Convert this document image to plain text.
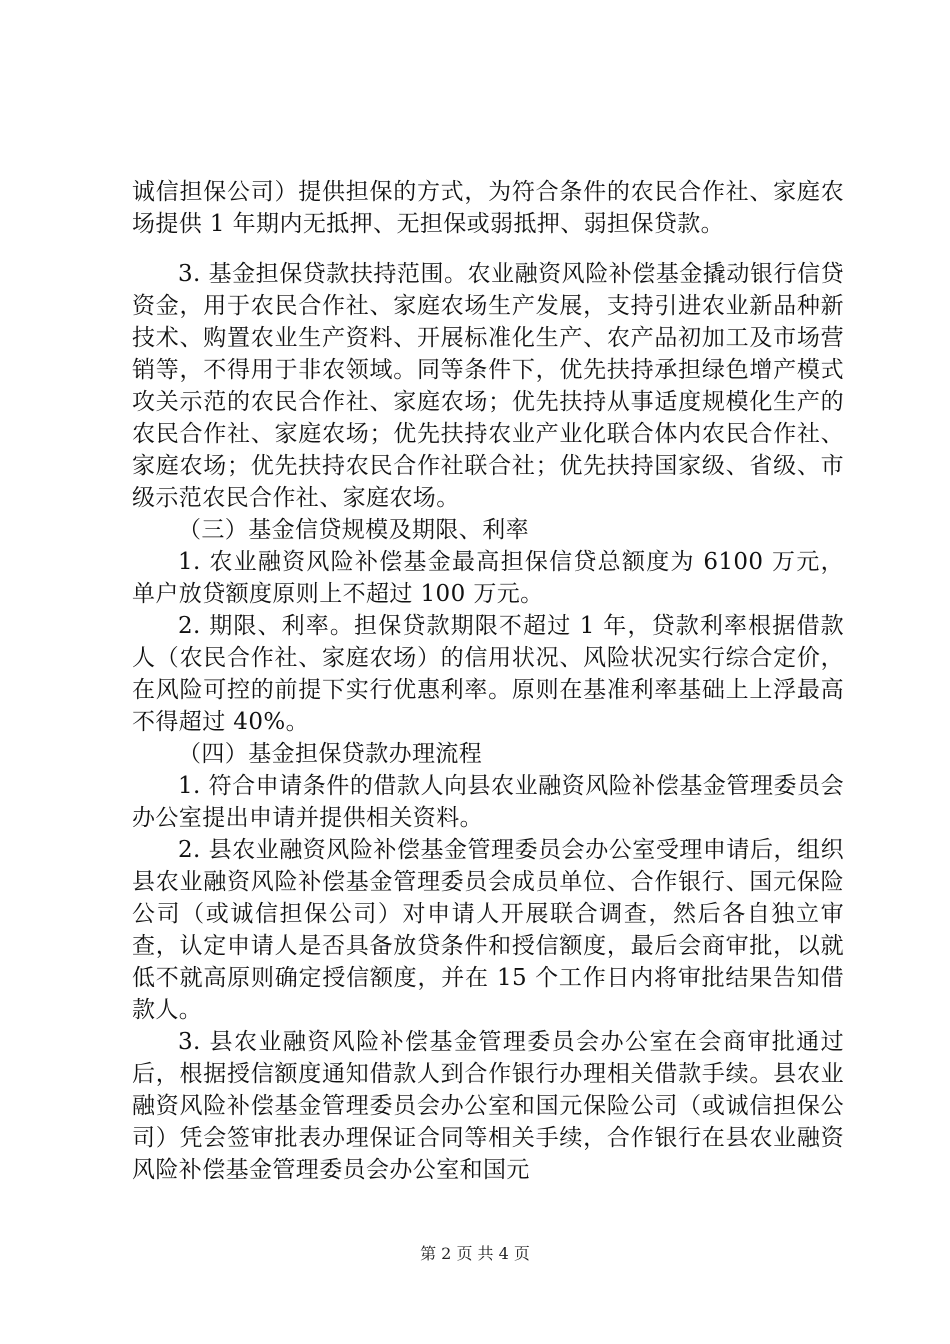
诚信担保公司）提供担保的方式，为符合条件的农民合作社、家庭农场提供 1 年期内无抵押、无担保或弱抵押、弱担保贷款。

3. 基金担保贷款扶持范围。农业融资风险补偿基金撬动银行信贷资金，用于农民合作社、家庭农场生产发展，支持引进农业新品种新技术、购置农业生产资料、开展标准化生产、农产品初加工及市场营销等，不得用于非农领域。同等条件下，优先扶持承担绿色增产模式攻关示范的农民合作社、家庭农场；优先扶持从事适度规模化生产的农民合作社、家庭农场；优先扶持农业产业化联合体内农民合作社、家庭农场；优先扶持农民合作社联合社；优先扶持国家级、省级、市级示范农民合作社、家庭农场。

（三）基金信贷规模及期限、利率

1. 农业融资风险补偿基金最高担保信贷总额度为 6100 万元，单户放贷额度原则上不超过 100 万元。

2. 期限、利率。担保贷款期限不超过 1 年，贷款利率根据借款人（农民合作社、家庭农场）的信用状况、风险状况实行综合定价，在风险可控的前提下实行优惠利率。原则在基准利率基础上上浮最高不得超过 40%。

（四）基金担保贷款办理流程

1. 符合申请条件的借款人向县农业融资风险补偿基金管理委员会办公室提出申请并提供相关资料。

2. 县农业融资风险补偿基金管理委员会办公室受理申请后，组织县农业融资风险补偿基金管理委员会成员单位、合作银行、国元保险公司（或诚信担保公司）对申请人开展联合调查，然后各自独立审查，认定申请人是否具备放贷条件和授信额度，最后会商审批，以就低不就高原则确定授信额度，并在 15 个工作日内将审批结果告知借款人。

3. 县农业融资风险补偿基金管理委员会办公室在会商审批通过后，根据授信额度通知借款人到合作银行办理相关借款手续。县农业融资风险补偿基金管理委员会办公室和国元保险公司（或诚信担保公司）凭会签审批表办理保证合同等相关手续，合作银行在县农业融资风险补偿基金管理委员会办公室和国元

第 2 页 共 4 页
